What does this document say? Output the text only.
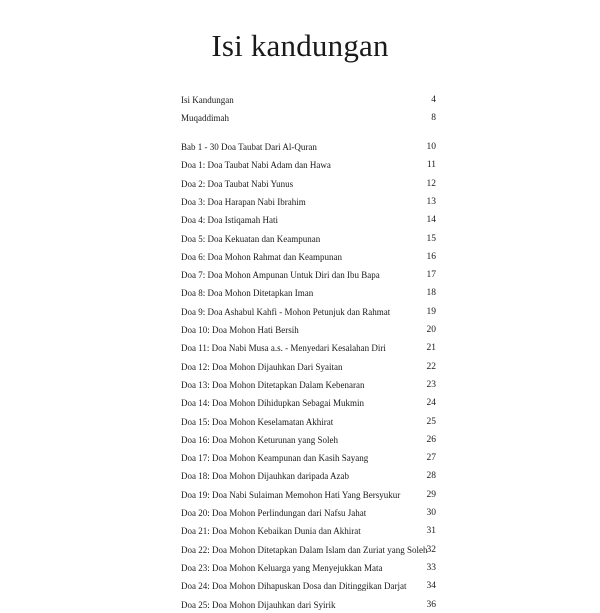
Isi kandungan
Isi Kandungan	4
Muqaddimah	8
Bab 1 - 30 Doa Taubat Dari Al-Quran	10
Doa 1: Doa Taubat Nabi Adam dan Hawa	11
Doa 2: Doa Taubat Nabi Yunus	12
Doa 3: Doa Harapan Nabi Ibrahim	13
Doa 4: Doa Istiqamah Hati	14
Doa 5: Doa Kekuatan dan Keampunan	15
Doa 6: Doa Mohon Rahmat dan Keampunan	16
Doa 7: Doa Mohon Ampunan Untuk Diri dan Ibu Bapa	17
Doa 8: Doa Mohon Ditetapkan Iman	18
Doa 9: Doa Ashabul Kahfi - Mohon Petunjuk dan Rahmat	19
Doa 10: Doa Mohon Hati Bersih	20
Doa 11: Doa Nabi Musa a.s. - Menyedari Kesalahan Diri	21
Doa 12: Doa Mohon Dijauhkan Dari Syaitan	22
Doa 13: Doa Mohon Ditetapkan Dalam Kebenaran	23
Doa 14: Doa Mohon Dihidupkan Sebagai Mukmin	24
Doa 15: Doa Mohon Keselamatan Akhirat	25
Doa 16: Doa Mohon Keturunan yang Soleh	26
Doa 17: Doa Mohon Keampunan dan Kasih Sayang	27
Doa 18: Doa Mohon Dijauhkan daripada Azab	28
Doa 19: Doa Nabi Sulaiman Memohon Hati Yang Bersyukur	29
Doa 20: Doa Mohon Perlindungan dari Nafsu Jahat	30
Doa 21: Doa Mohon Kebaikan Dunia dan Akhirat	31
Doa 22: Doa Mohon Ditetapkan Dalam Islam dan Zuriat yang Soleh 32
Doa 23: Doa Mohon Keluarga yang Menyejukkan Mata	33
Doa 24: Doa Mohon Dihapuskan Dosa dan Ditinggikan Darjat 34
Doa 25: Doa Mohon Dijauhkan dari Syirik	36
